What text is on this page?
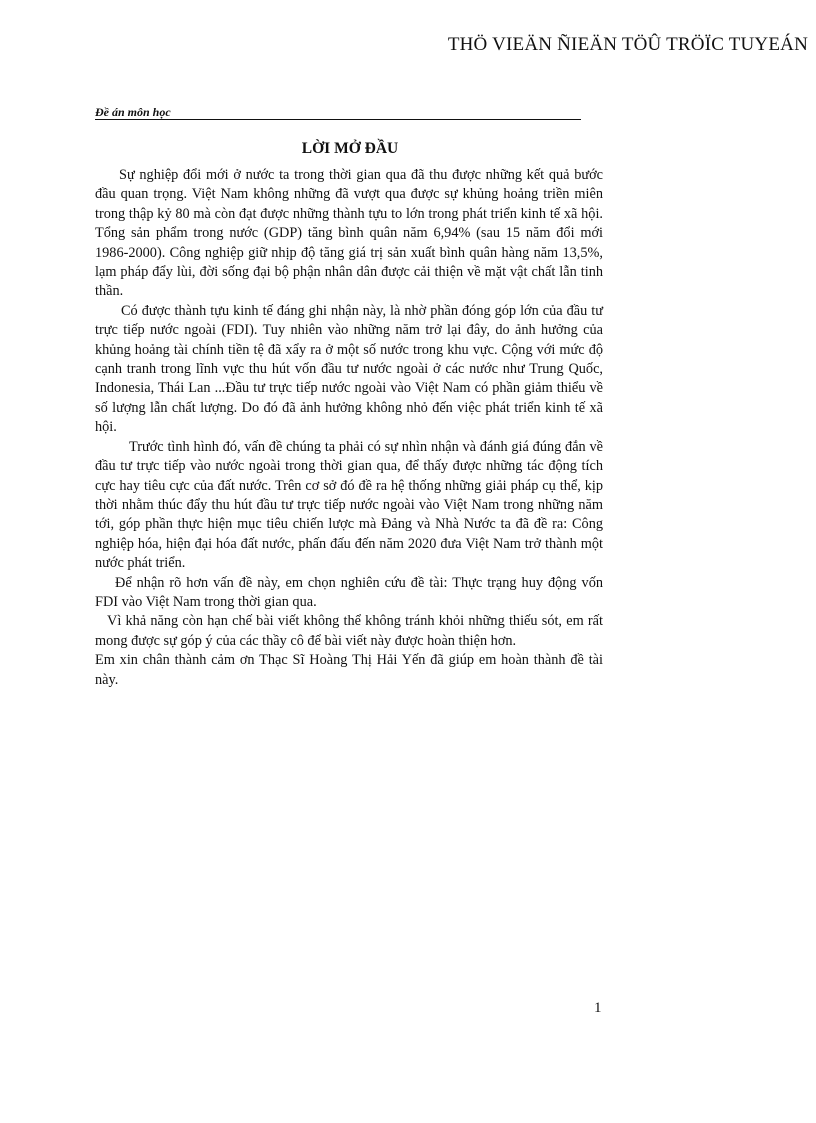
THÖ VIEÄN ÑIEÄN TÖÛ TRÖÏC TUYEÁN
Đề án môn học
LỜI MỞ ĐẦU

Sự nghiệp đổi mới ở nước ta trong thời gian qua đã thu được những kết quả bước đầu quan trọng. Việt Nam không những đã vượt qua được sự khủng hoảng triền miên trong thập kỷ 80 mà còn đạt được những thành tựu to lớn trong phát triển kinh tế xã hội. Tổng sản phẩm trong nước (GDP) tăng bình quân năm 6,94% (sau 15 năm đổi mới 1986-2000). Công nghiệp giữ nhịp độ tăng giá trị sản xuất bình quân hàng năm 13,5%, lạm pháp đẩy lùi, đời sống đại bộ phận nhân dân được cải thiện về mặt vật chất lẫn tinh thần.

Có được thành tựu kinh tế đáng ghi nhận này, là nhờ phần đóng góp lớn của đầu tư trực tiếp nước ngoài (FDI). Tuy nhiên vào những năm trở lại đây, do ảnh hưởng của khủng hoảng tài chính tiền tệ đã xẩy ra ở một số nước trong khu vực. Cộng với mức độ cạnh tranh trong lĩnh vực thu hút vốn đầu tư nước ngoài ở các nước như Trung Quốc, Indonesia, Thái Lan ...Đầu tư trực tiếp nước ngoài vào Việt Nam có phần giảm thiểu về số lượng lẫn chất lượng. Do đó đã ảnh hưởng không nhỏ đến việc phát triển kinh tế xã hội.

Trước tình hình đó, vấn đề chúng ta phải có sự nhìn nhận và đánh giá đúng đắn về đầu tư trực tiếp vào nước ngoài trong thời gian qua, để thấy được những tác động tích cực hay tiêu cực của đất nước. Trên cơ sở đó đề ra hệ thống những giải pháp cụ thể, kịp thời nhằm thúc đẩy thu hút đầu tư trực tiếp nước ngoài vào Việt Nam trong những năm tới, góp phần thực hiện mục tiêu chiến lược mà Đảng và Nhà Nước ta đã đề ra: Công nghiệp hóa, hiện đại hóa đất nước, phấn đấu đến năm 2020 đưa Việt Nam trở thành một nước phát triển.

Để nhận rõ hơn vấn đề này, em chọn nghiên cứu đề tài: Thực trạng huy động vốn FDI vào Việt Nam trong thời gian qua.

Vì khả năng còn hạn chế bài viết không thể không tránh khỏi những thiếu sót, em rất mong được sự góp ý của các thầy cô để bài viết này được hoàn thiện hơn.

Em xin chân thành cảm ơn Thạc Sĩ Hoàng Thị Hải Yến đã giúp em hoàn thành đề tài này.

1
